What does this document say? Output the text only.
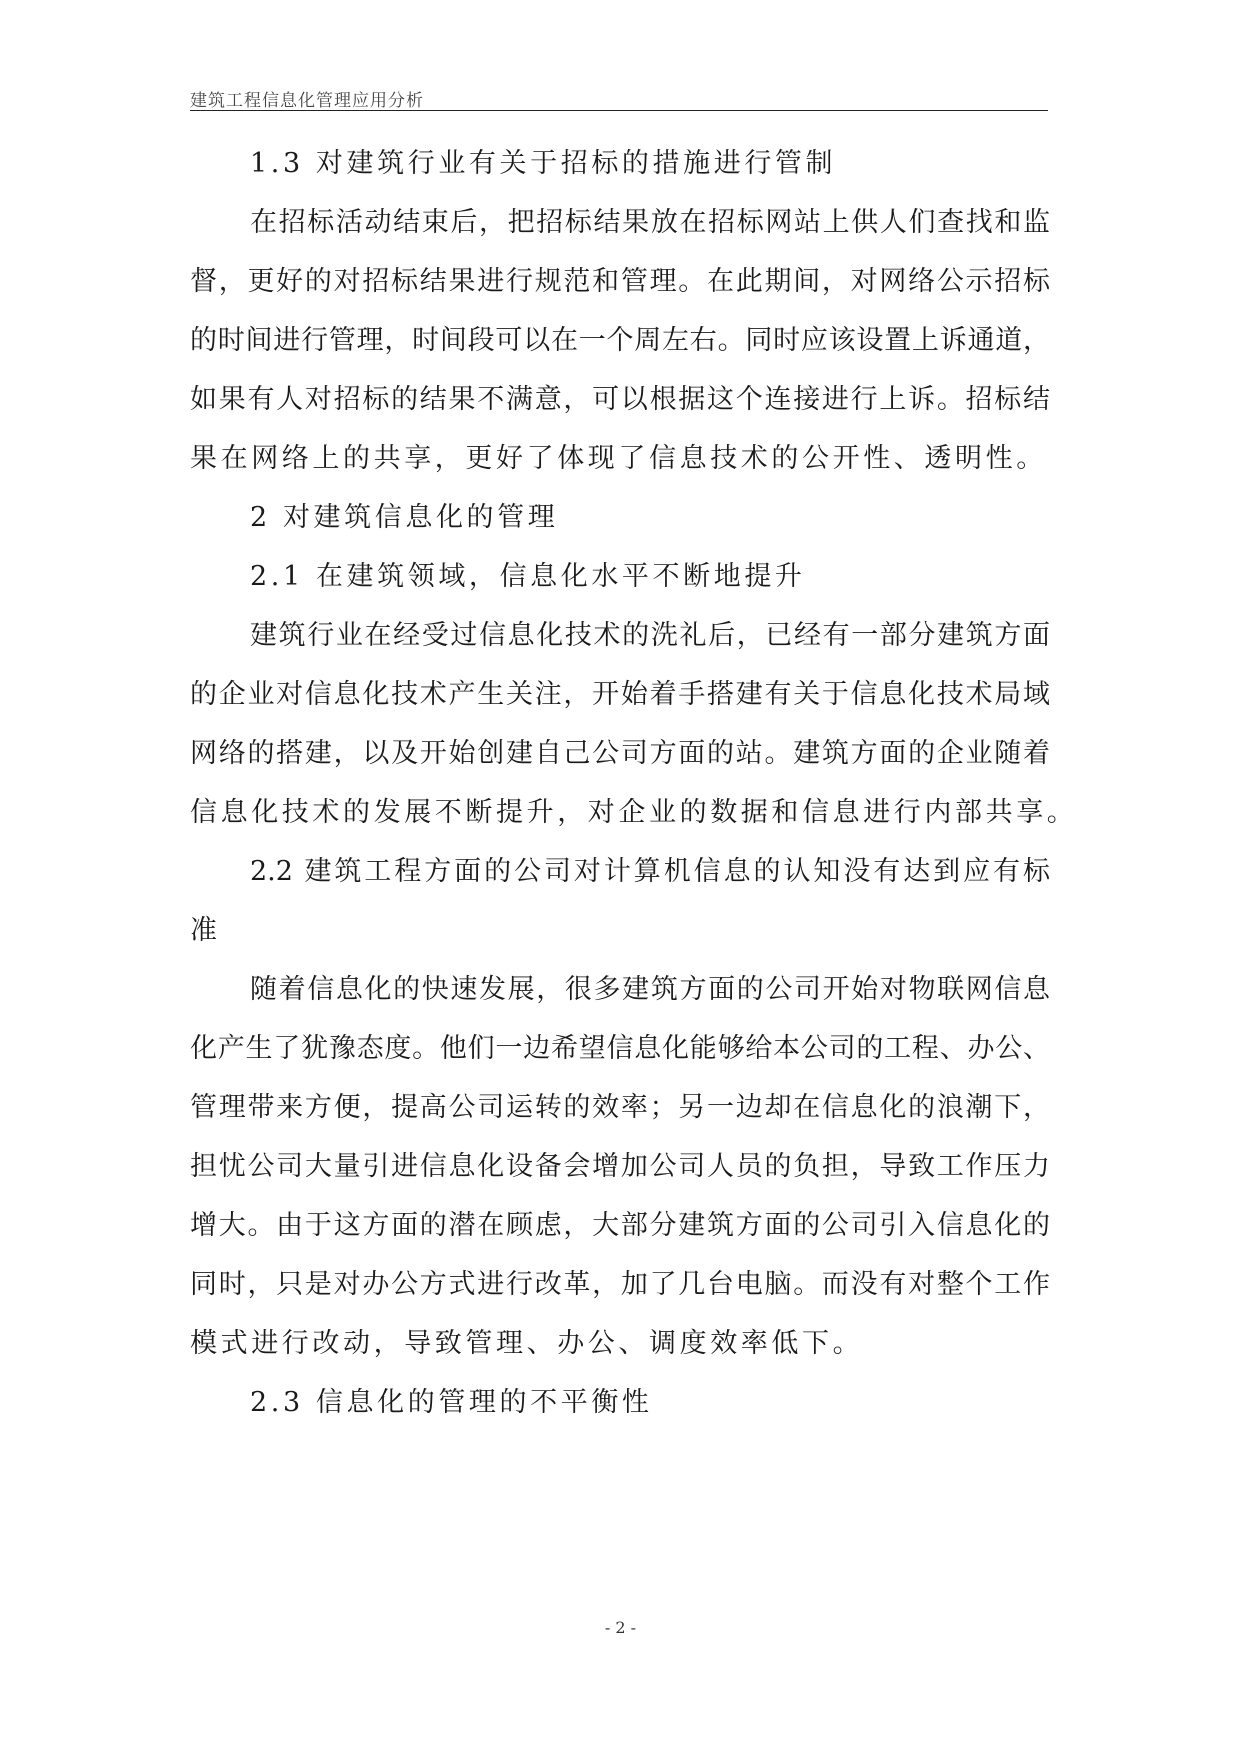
建筑工程信息化管理应用分析
1.3 对建筑行业有关于招标的措施进行管制
在招标活动结束后，把招标结果放在招标网站上供人们查找和监
督，更好的对招标结果进行规范和管理。在此期间，对网络公示招标
的时间进行管理，时间段可以在一个周左右。同时应该设置上诉通道，
如果有人对招标的结果不满意，可以根据这个连接进行上诉。招标结
果在网络上的共享，更好了体现了信息技术的公开性、透明性。
2 对建筑信息化的管理
2.1 在建筑领域，信息化水平不断地提升
建筑行业在经受过信息化技术的洗礼后，已经有一部分建筑方面
的企业对信息化技术产生关注，开始着手搭建有关于信息化技术局域
网络的搭建，以及开始创建自己公司方面的站。建筑方面的企业随着
信息化技术的发展不断提升，对企业的数据和信息进行内部共享。
2.2 建筑工程方面的公司对计算机信息的认知没有达到应有标
准
随着信息化的快速发展，很多建筑方面的公司开始对物联网信息
化产生了犹豫态度。他们一边希望信息化能够给本公司的工程、办公、
管理带来方便，提高公司运转的效率；另一边却在信息化的浪潮下，
担忧公司大量引进信息化设备会增加公司人员的负担，导致工作压力
增大。由于这方面的潜在顾虑，大部分建筑方面的公司引入信息化的
同时，只是对办公方式进行改革，加了几台电脑。而没有对整个工作
模式进行改动，导致管理、办公、调度效率低下。
2.3 信息化的管理的不平衡性
- 2 -
